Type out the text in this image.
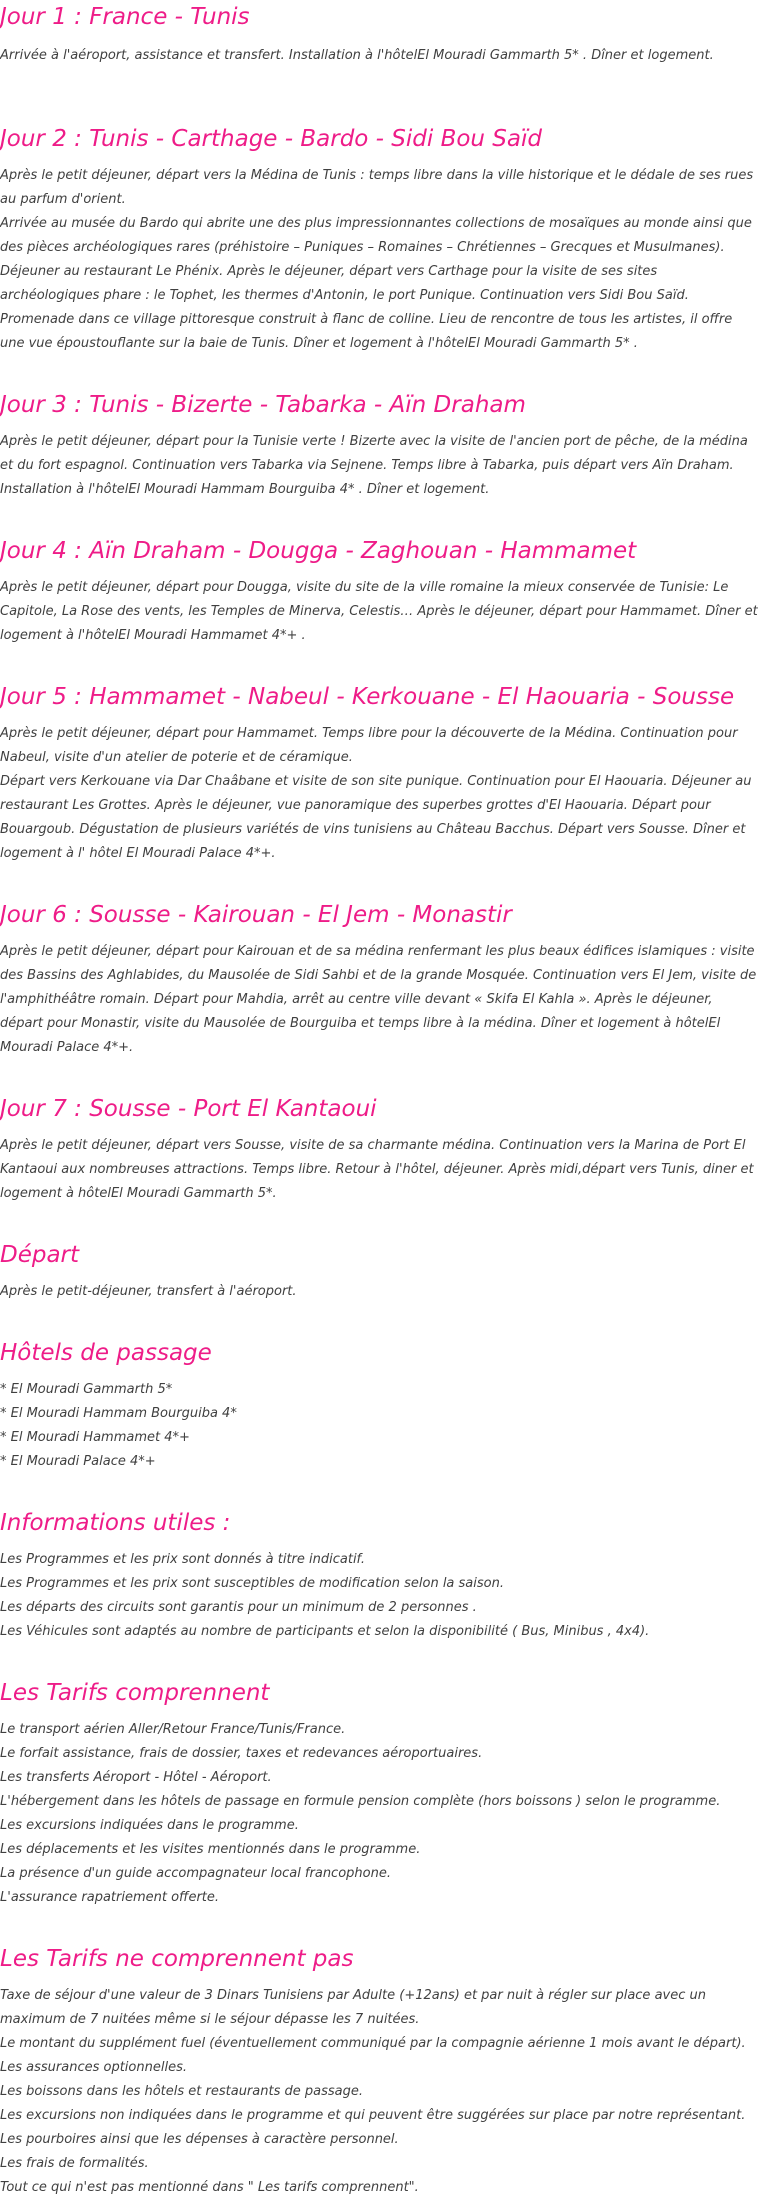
Jour 1 : France - Tunis

Arrivée à l'aéroport, assistance et transfert. Installation à l'hôtelEl Mouradi Gammarth 5* . Dîner et logement.

Jour 2 : Tunis - Carthage - Bardo - Sidi Bou Saïd

Après le petit déjeuner, départ vers la Médina de Tunis : temps libre dans la ville historique et le dédale de ses rues au parfum d'orient.

Arrivée au musée du Bardo qui abrite une des plus impressionnantes collections de mosaïques au monde ainsi que des pièces archéologiques rares (préhistoire – Puniques – Romaines – Chrétiennes – Grecques et Musulmanes). Déjeuner au restaurant Le Phénix. Après le déjeuner, départ vers Carthage pour la visite de ses sites archéologiques phare : le Tophet, les thermes d'Antonin, le port Punique. Continuation vers Sidi Bou Saïd. Promenade dans ce village pittoresque construit à flanc de colline. Lieu de rencontre de tous les artistes, il offre une vue époustouflante sur la baie de Tunis. Dîner et logement à l'hôtelEl Mouradi Gammarth 5* .

Jour 3 : Tunis - Bizerte - Tabarka - Aïn Draham

Après le petit déjeuner, départ pour la Tunisie verte ! Bizerte avec la visite de l'ancien port de pêche, de la médina et du fort espagnol. Continuation vers Tabarka via Sejnene. Temps libre à Tabarka, puis départ vers Aïn Draham. Installation à l'hôtelEl Mouradi Hammam Bourguiba 4* . Dîner et logement.

Jour 4 : Aïn Draham - Dougga - Zaghouan - Hammamet

Après le petit déjeuner, départ pour Dougga, visite du site de la ville romaine la mieux conservée de Tunisie: Le Capitole, La Rose des vents, les Temples de Minerva, Celestis… Après le déjeuner, départ pour Hammamet. Dîner et logement à l'hôtelEl Mouradi Hammamet 4*+ .

Jour 5 : Hammamet - Nabeul - Kerkouane - El Haouaria - Sousse

Après le petit déjeuner, départ pour Hammamet. Temps libre pour la découverte de la Médina. Continuation pour Nabeul, visite d'un atelier de poterie et de céramique.

Départ vers Kerkouane via Dar Chaâbane et visite de son site punique. Continuation pour El Haouaria. Déjeuner au restaurant Les Grottes. Après le déjeuner, vue panoramique des superbes grottes d'El Haouaria. Départ pour Bouargoub. Dégustation de plusieurs variétés de vins tunisiens au Château Bacchus. Départ vers Sousse. Dîner et logement à l' hôtel El Mouradi Palace 4*+.

Jour 6 : Sousse - Kairouan - El Jem - Monastir

Après le petit déjeuner, départ pour Kairouan et de sa médina renfermant les plus beaux édifices islamiques : visite des Bassins des Aghlabides, du Mausolée de Sidi Sahbi et de la grande Mosquée. Continuation vers El Jem, visite de l'amphithéâtre romain. Départ pour Mahdia, arrêt au centre ville devant « Skifa El Kahla ». Après le déjeuner, départ pour Monastir, visite du Mausolée de Bourguiba et temps libre à la médina. Dîner et logement à hôtelEl Mouradi Palace 4*+.

Jour 7 : Sousse - Port El Kantaoui

Après le petit déjeuner, départ vers Sousse, visite de sa charmante médina. Continuation vers la Marina de Port El Kantaoui aux nombreuses attractions. Temps libre. Retour à l'hôtel, déjeuner. Après midi,départ vers Tunis, diner et logement à hôtelEl Mouradi Gammarth 5*.

Départ

Après le petit-déjeuner, transfert à l'aéroport.

Hôtels de passage
* El Mouradi Gammarth 5*
* El Mouradi Hammam Bourguiba 4*
* El Mouradi Hammamet 4*+
* El Mouradi Palace 4*+
Informations utiles :
Les Programmes et les prix sont donnés à titre indicatif.
Les Programmes et les prix sont susceptibles de modification selon la saison.
Les départs des circuits sont garantis pour un minimum de 2 personnes .
Les Véhicules sont adaptés au nombre de participants et selon la disponibilité ( Bus, Minibus , 4x4).
Les Tarifs comprennent
Le transport aérien Aller/Retour France/Tunis/France.
Le forfait assistance, frais de dossier, taxes et redevances aéroportuaires.
Les transferts Aéroport - Hôtel - Aéroport.
L'hébergement dans les hôtels de passage en formule pension complète (hors boissons ) selon le programme.
Les excursions indiquées dans le programme.
Les déplacements et les visites mentionnés dans le programme.
La présence d'un guide accompagnateur local francophone.
L'assurance rapatriement offerte.
Les Tarifs ne comprennent pas
Taxe de séjour d'une valeur de 3 Dinars Tunisiens par Adulte (+12ans) et par nuit à régler sur place avec un maximum de 7 nuitées même si le séjour dépasse les 7 nuitées.
Le montant du supplément fuel (éventuellement communiqué par la compagnie aérienne 1 mois avant le départ).
Les assurances optionnelles.
Les boissons dans les hôtels et restaurants de passage.
Les excursions non indiquées dans le programme et qui peuvent être suggérées sur place par notre représentant.
Les pourboires ainsi que les dépenses à caractère personnel.
Les frais de formalités.
Tout ce qui n'est pas mentionné dans " Les tarifs comprennent".
